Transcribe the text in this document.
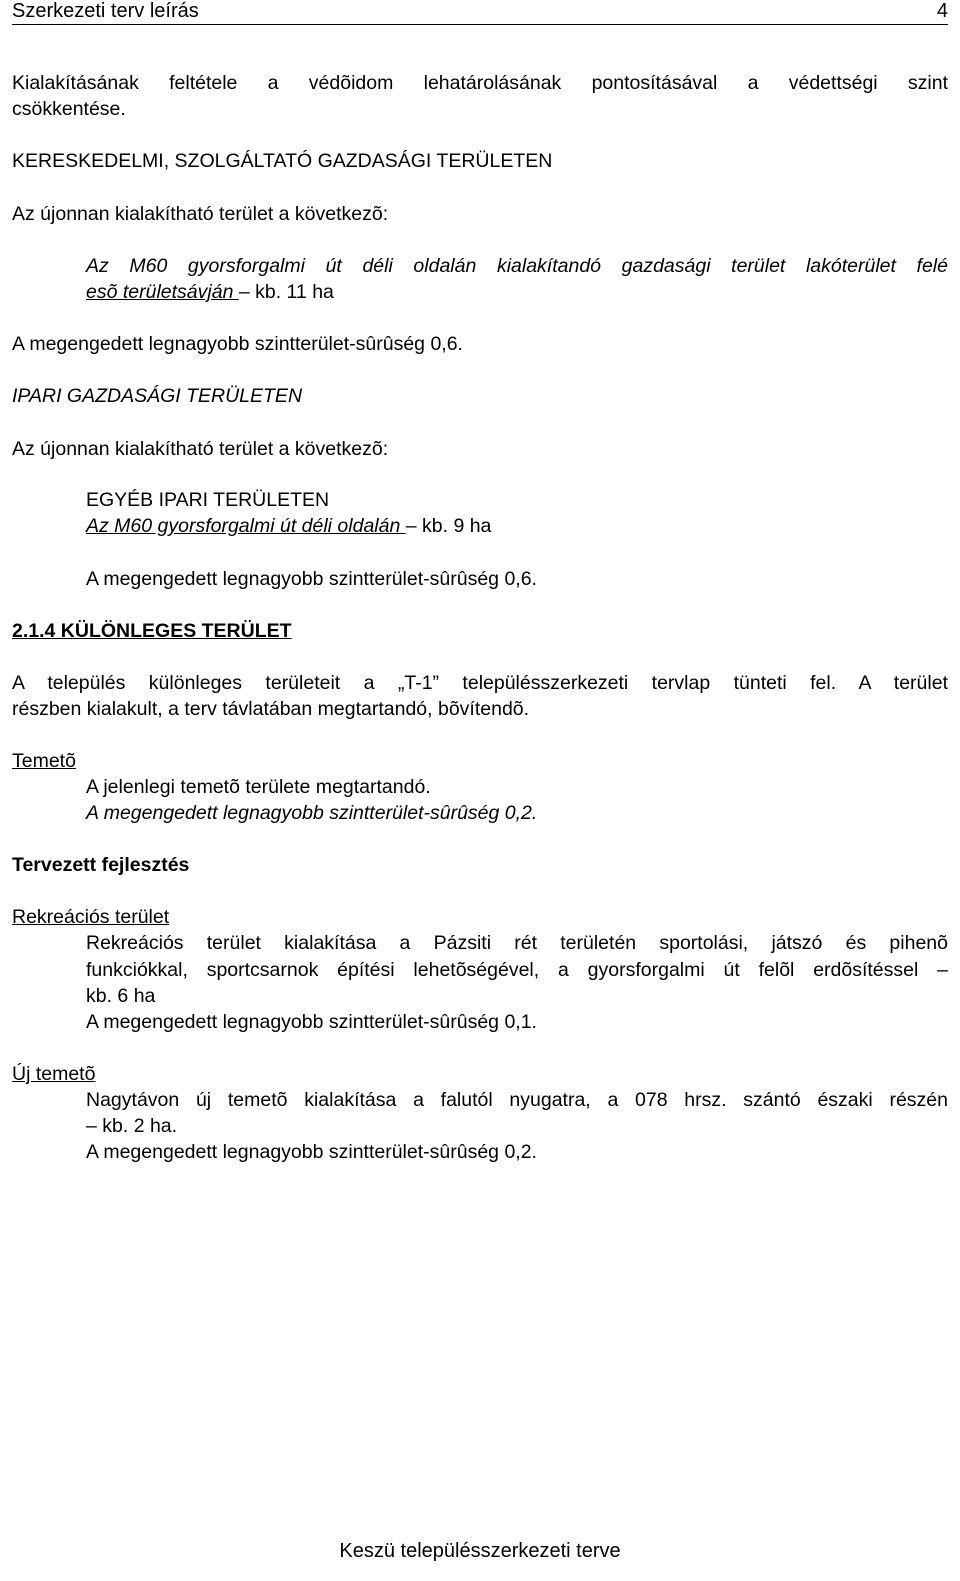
Szerkezeti terv leírás	4
Kialakításának feltétele a védõidom lehatárolásának pontosításával a védettségi szint
csökkentése.
KERESKEDELMI, SZOLGÁLTATÓ GAZDASÁGI TERÜLETEN
Az újonnan kialakítható terület a következõ:
Az M60 gyorsforgalmi út déli oldalán kialakítandó gazdasági terület lakóterület felé
esõ területsávján – kb. 11 ha
A megengedett legnagyobb szintterület-sûrûség 0,6.
IPARI GAZDASÁGI TERÜLETEN
Az újonnan kialakítható terület a következõ:
EGYÉB IPARI TERÜLETEN
Az M60 gyorsforgalmi út déli oldalán – kb. 9 ha
A megengedett legnagyobb szintterület-sûrûség 0,6.
2.1.4 KÜLÖNLEGES TERÜLET
A település különleges területeit a „T-1” településszerkezeti tervlap tünteti fel. A terület
részben kialakult, a terv távlatában megtartandó, bõvítendõ.
Temetõ
A jelenlegi temetõ területe megtartandó.
A megengedett legnagyobb szintterület-sûrûség 0,2.
Tervezett fejlesztés
Rekreációs terület
Rekreációs terület kialakítása a Pázsiti rét területén sportolási, játszó és pihenõ
funkciókkal, sportcsarnok építési lehetõségével, a gyorsforgalmi út felõl erdõsítéssel –
kb. 6 ha
A megengedett legnagyobb szintterület-sûrûség 0,1.
Új temetõ
Nagytávon új temetõ kialakítása a falutól nyugatra, a 078 hrsz. szántó északi részén
– kb. 2 ha.
A megengedett legnagyobb szintterület-sûrûség 0,2.
Keszü településszerkezeti terve
